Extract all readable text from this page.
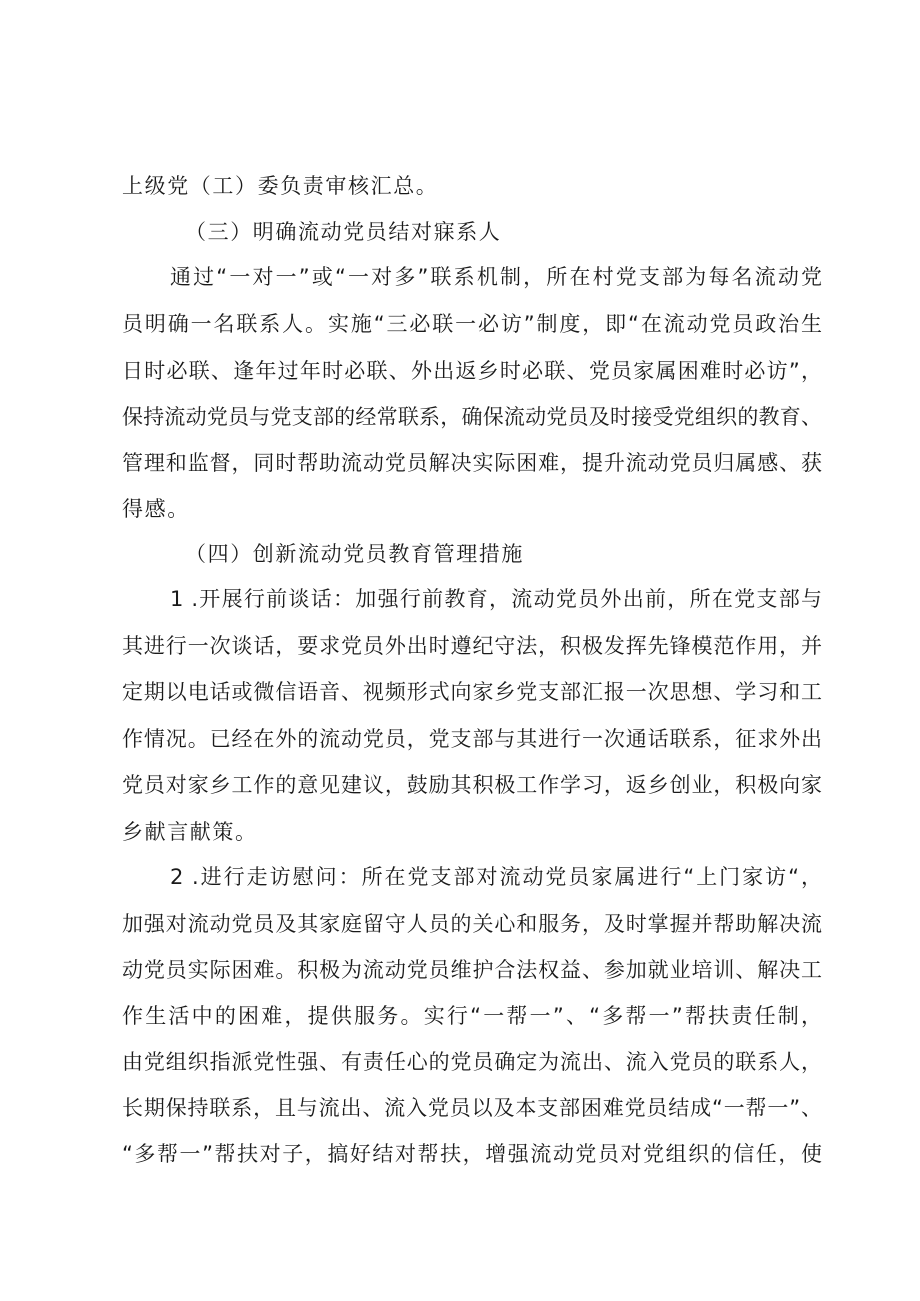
上级党（工）委负责审核汇总。
（三）明确流动党员结对寐系人
通过“一对一”或“一对多”联系机制，所在村党支部为每名流动党
员明确一名联系人。实施“三必联一必访”制度，即“在流动党员政治生
日时必联、逢年过年时必联、外出返乡时必联、党员家属困难时必访”，
保持流动党员与党支部的经常联系，确保流动党员及时接受党组织的教育、
管理和监督，同时帮助流动党员解决实际困难，提升流动党员归属感、获
得感。
（四）创新流动党员教育管理措施
1 .开展行前谈话：加强行前教育，流动党员外出前，所在党支部与
其进行一次谈话，要求党员外出时遵纪守法，积极发挥先锋模范作用，并
定期以电话或微信语音、视频形式向家乡党支部汇报一次思想、学习和工
作情况。已经在外的流动党员，党支部与其进行一次通话联系，征求外出
党员对家乡工作的意见建议，鼓励其积极工作学习，返乡创业，积极向家
乡献言献策。
2 .进行走访慰问：所在党支部对流动党员家属进行“上门家访“，
加强对流动党员及其家庭留守人员的关心和服务，及时掌握并帮助解决流
动党员实际困难。积极为流动党员维护合法权益、参加就业培训、解决工
作生活中的困难，提供服务。实行“一帮一”、“多帮一”帮扶责任制，
由党组织指派党性强、有责任心的党员确定为流出、流入党员的联系人，
长期保持联系，且与流出、流入党员以及本支部困难党员结成“一帮一”、
“多帮一”帮扶对子，搞好结对帮扶，增强流动党员对党组织的信任，使
